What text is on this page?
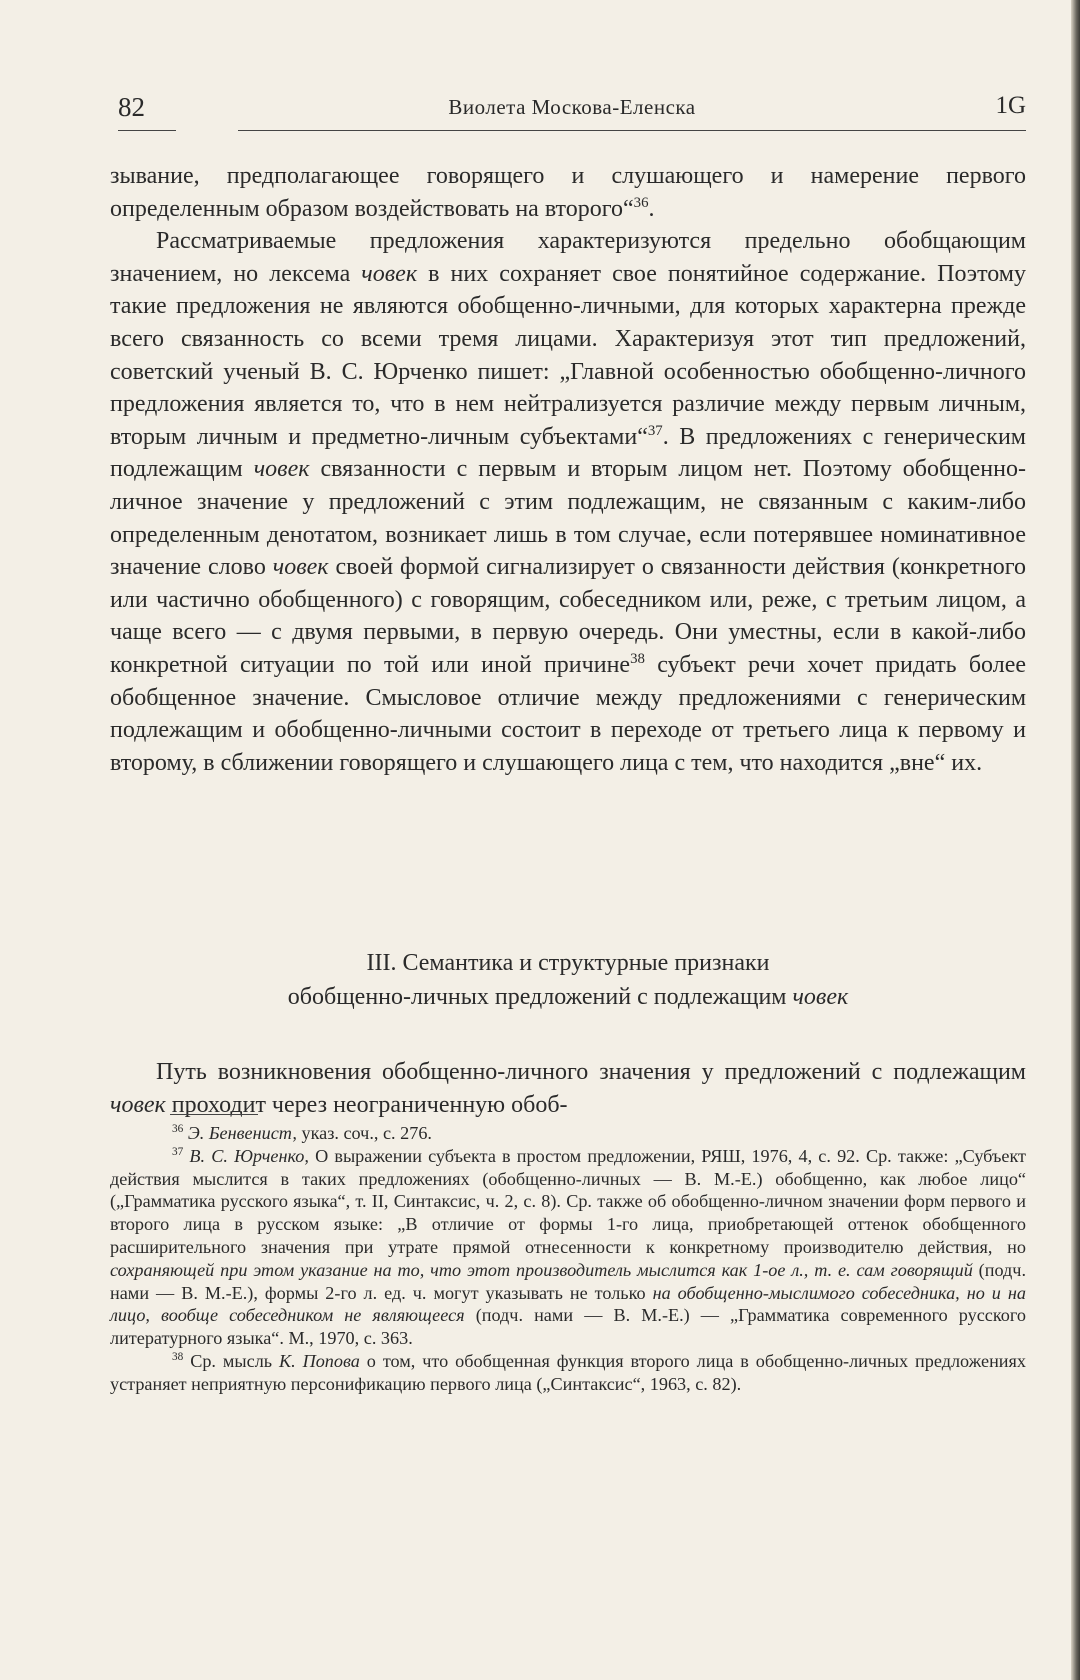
82	Виолета Москова-Еленска	1G

зывание, предполагающее говорящего и слушающего и намерение первого определенным образом воздействовать на второго“$^{36}$.

Рассматриваемые предложения характеризуются предельно обобщающим значением, но лексема човек в них сохраняет свое понятийное содержание. Поэтому такие предложения не являются обобщенно-личными, для которых характерна прежде всего связанность со всеми тремя лицами. Характеризуя этот тип предложений, советский ученый В. С. Юрченко пишет: „Главной особенностью обобщенно-личного предложения является то, что в нем нейтрализуется различие между первым личным, вторым личным и предметно-личным субъектами“$^{37}$. В предложениях с генерическим подлежащим човек связанности с первым и вторым лицом нет. Поэтому обобщенно-личное значение у предложений с этим подлежащим, не связанным с каким-либо определенным денотатом, возникает лишь в том случае, если потерявшее номинативное значение слово човек своей формой сигнализирует о связанности действия (конкретного или частично обобщенного) с говорящим, собеседником или, реже, с третьим лицом, а чаще всего — с двумя первыми, в первую очередь. Они уместны, если в какой-либо конкретной ситуации по той или иной причине$^{38}$ субъект речи хочет придать более обобщенное значение. Смысловое отличие между предложениями с генерическим подлежащим и обобщенно-личными состоит в переходе от третьего лица к первому и второму, в сближении говорящего и слушающего лица с тем, что находится „вне“ их.

III. Семантика и структурные признаки
обобщенно-личных предложений с подлежащим човек

Путь возникновения обобщенно-личного значения у предложений с подлежащим човек проходит через неограниченную обоб-

$^{36}$ Э. Бенвенист, указ. соч., с. 276.

$^{37}$ В. С. Юрченко, О выражении субъекта в простом предложении, РЯШ, 1976, 4, с. 92. Ср. также: „Субъект действия мыслится в таких предложениях (обобщенно-личных — В. М.-Е.) обобщенно, как любое лицо“ („Грамматика русского языка“, т. II, Синтаксис, ч. 2, с. 8). Ср. также об обобщенно-личном значении форм первого и второго лица в русском языке: „В отличие от формы 1-го лица, приобретающей оттенок обобщенного расширительного значения при утрате прямой отнесенности к конкретному производителю действия, но сохраняющей при этом указание на то, что этот производитель мыслится как 1-ое л., т. е. сам говорящий (подч. нами — В. М.-Е.), формы 2-го л. ед. ч. могут указывать не только на обобщенно-мыслимого собеседника, но и на лицо, вообще собеседником не являющееся (подч. нами — В. М.-Е.) — „Грамматика современного русского литературного языка“. М., 1970, с. 363.

$^{38}$ Ср. мысль К. Попова о том, что обобщенная функция второго лица в обобщенно-личных предложениях устраняет неприятную персонификацию первого лица („Синтаксис“, 1963, с. 82).
